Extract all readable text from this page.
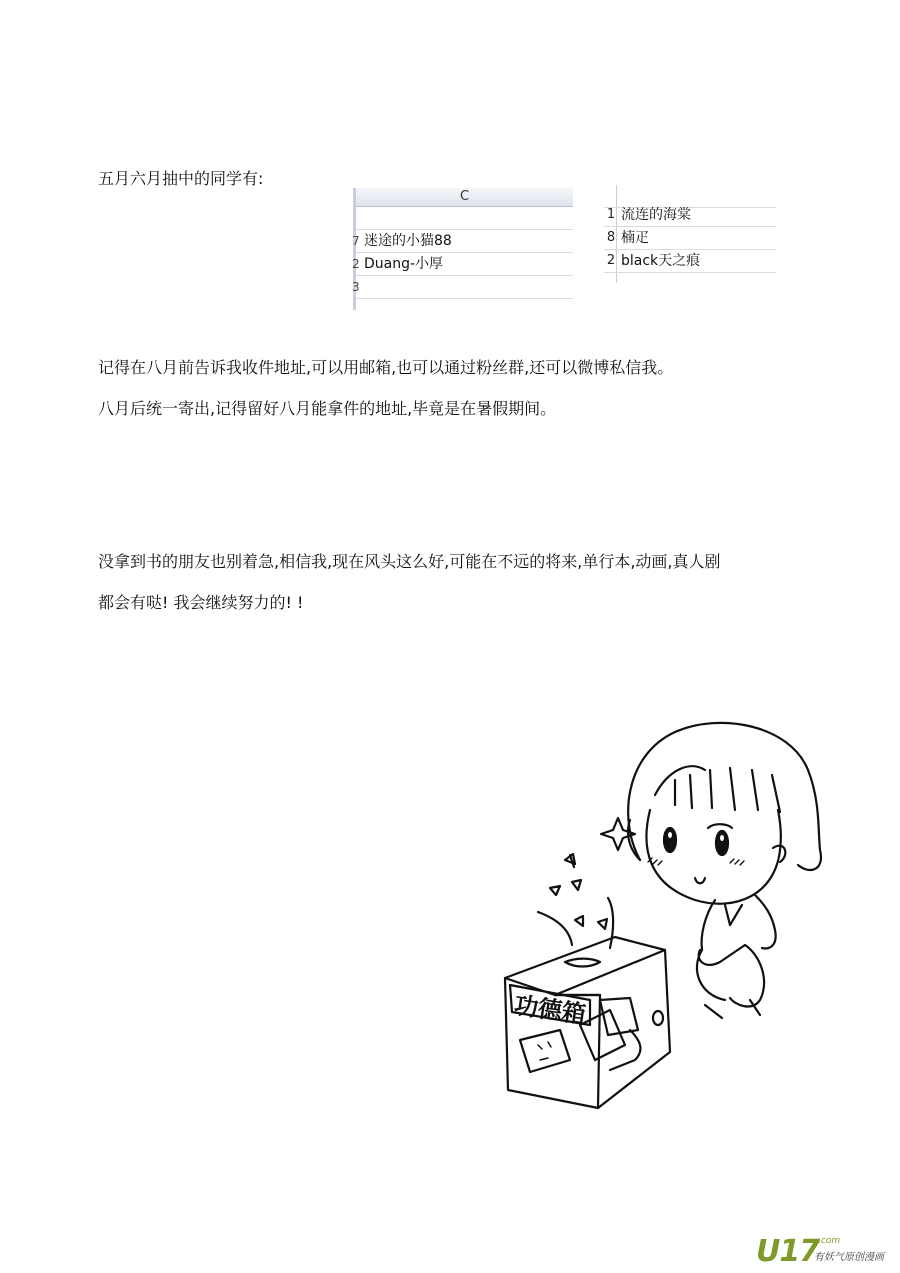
五月六月抽中的同学有:
C
7 迷途的小猫88
2 Duang-小厚
3
1 流连的海棠
8 楠疋
2 black天之痕
记得在八月前告诉我收件地址,可以用邮箱,也可以通过粉丝群,还可以微博私信我。
八月后统一寄出,记得留好八月能拿件的地址,毕竟是在暑假期间。
没拿到书的朋友也别着急,相信我,现在风头这么好,可能在不远的将来,单行本,动画,真人剧
都会有哒! 我会继续努力的! !
功德箱
U17
.com
有妖气原创漫画
